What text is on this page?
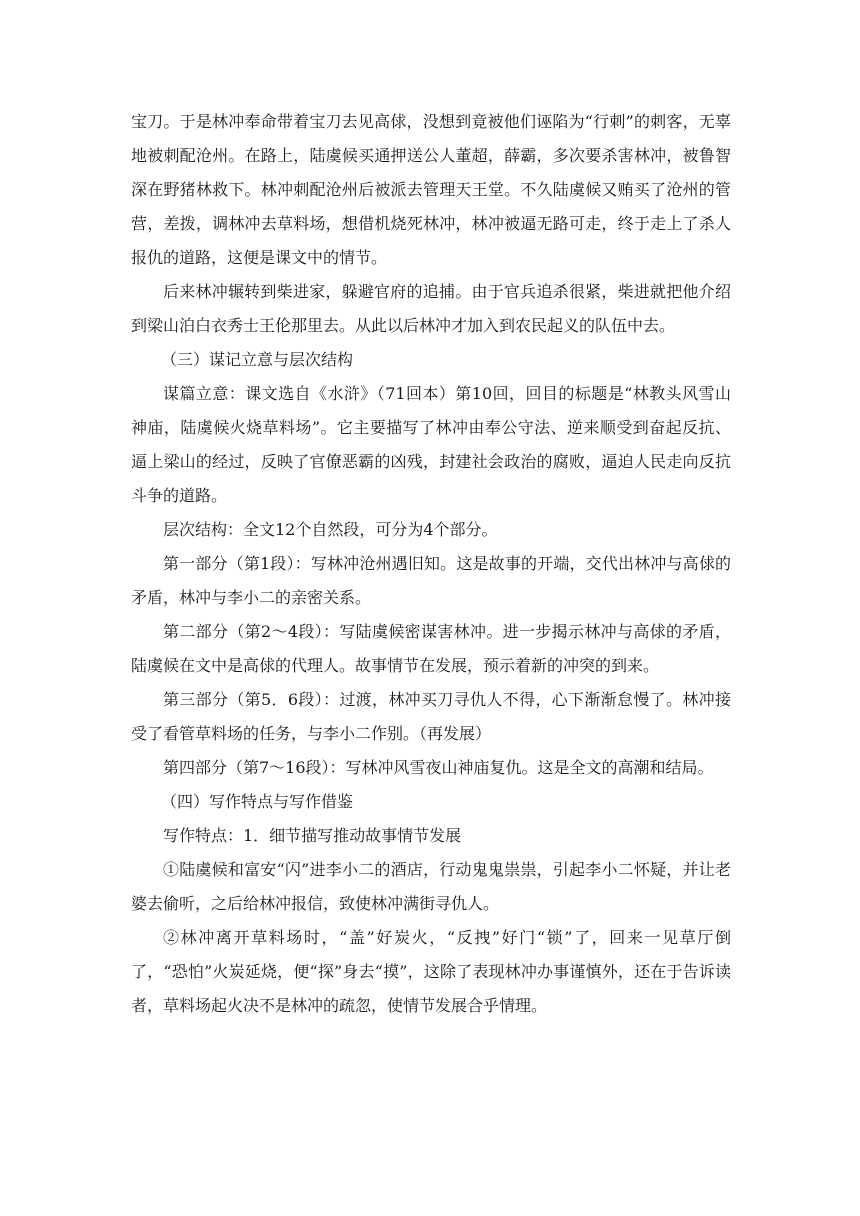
宝刀。于是林冲奉命带着宝刀去见高俅，没想到竟被他们诬陷为“行刺”的刺客，无辜地被刺配沧州。在路上，陆虞候买通押送公人董超，薛霸，多次要杀害林冲，被鲁智深在野猪林救下。林冲刺配沧州后被派去管理天王堂。不久陆虞候又贿买了沧州的管营，差拨，调林冲去草料场，想借机烧死林冲，林冲被逼无路可走，终于走上了杀人报仇的道路，这便是课文中的情节。

后来林冲辗转到柴进家，躲避官府的追捕。由于官兵追杀很紧，柴进就把他介绍到梁山泊白衣秀士王伦那里去。从此以后林冲才加入到农民起义的队伍中去。

（三）谋记立意与层次结构

谋篇立意：课文选自《水浒》（71回本）第10回，回目的标题是“林教头风雪山神庙，陆虞候火烧草料场”。它主要描写了林冲由奉公守法、逆来顺受到奋起反抗、逼上梁山的经过，反映了官僚恶霸的凶残，封建社会政治的腐败，逼迫人民走向反抗斗争的道路。

层次结构：全文12个自然段，可分为4个部分。

第一部分（第1段）：写林冲沧州遇旧知。这是故事的开端，交代出林冲与高俅的矛盾，林冲与李小二的亲密关系。

第二部分（第2～4段）：写陆虞候密谋害林冲。进一步揭示林冲与高俅的矛盾，陆虞候在文中是高俅的代理人。故事情节在发展，预示着新的冲突的到来。

第三部分（第5．6段）：过渡，林冲买刀寻仇人不得，心下渐渐怠慢了。林冲接受了看管草料场的任务，与李小二作别。（再发展）

第四部分（第7～16段）：写林冲风雪夜山神庙复仇。这是全文的高潮和结局。

（四）写作特点与写作借鉴

写作特点：1．细节描写推动故事情节发展

①陆虞候和富安“闪”进李小二的酒店，行动鬼鬼祟祟，引起李小二怀疑，并让老婆去偷听，之后给林冲报信，致使林冲满街寻仇人。

②林冲离开草料场时，“盖”好炭火，“反拽”好门“锁”了，回来一见草厅倒了，“恐怕”火炭延烧，便“探”身去“摸”，这除了表现林冲办事谨慎外，还在于告诉读者，草料场起火决不是林冲的疏忽，使情节发展合乎情理。
